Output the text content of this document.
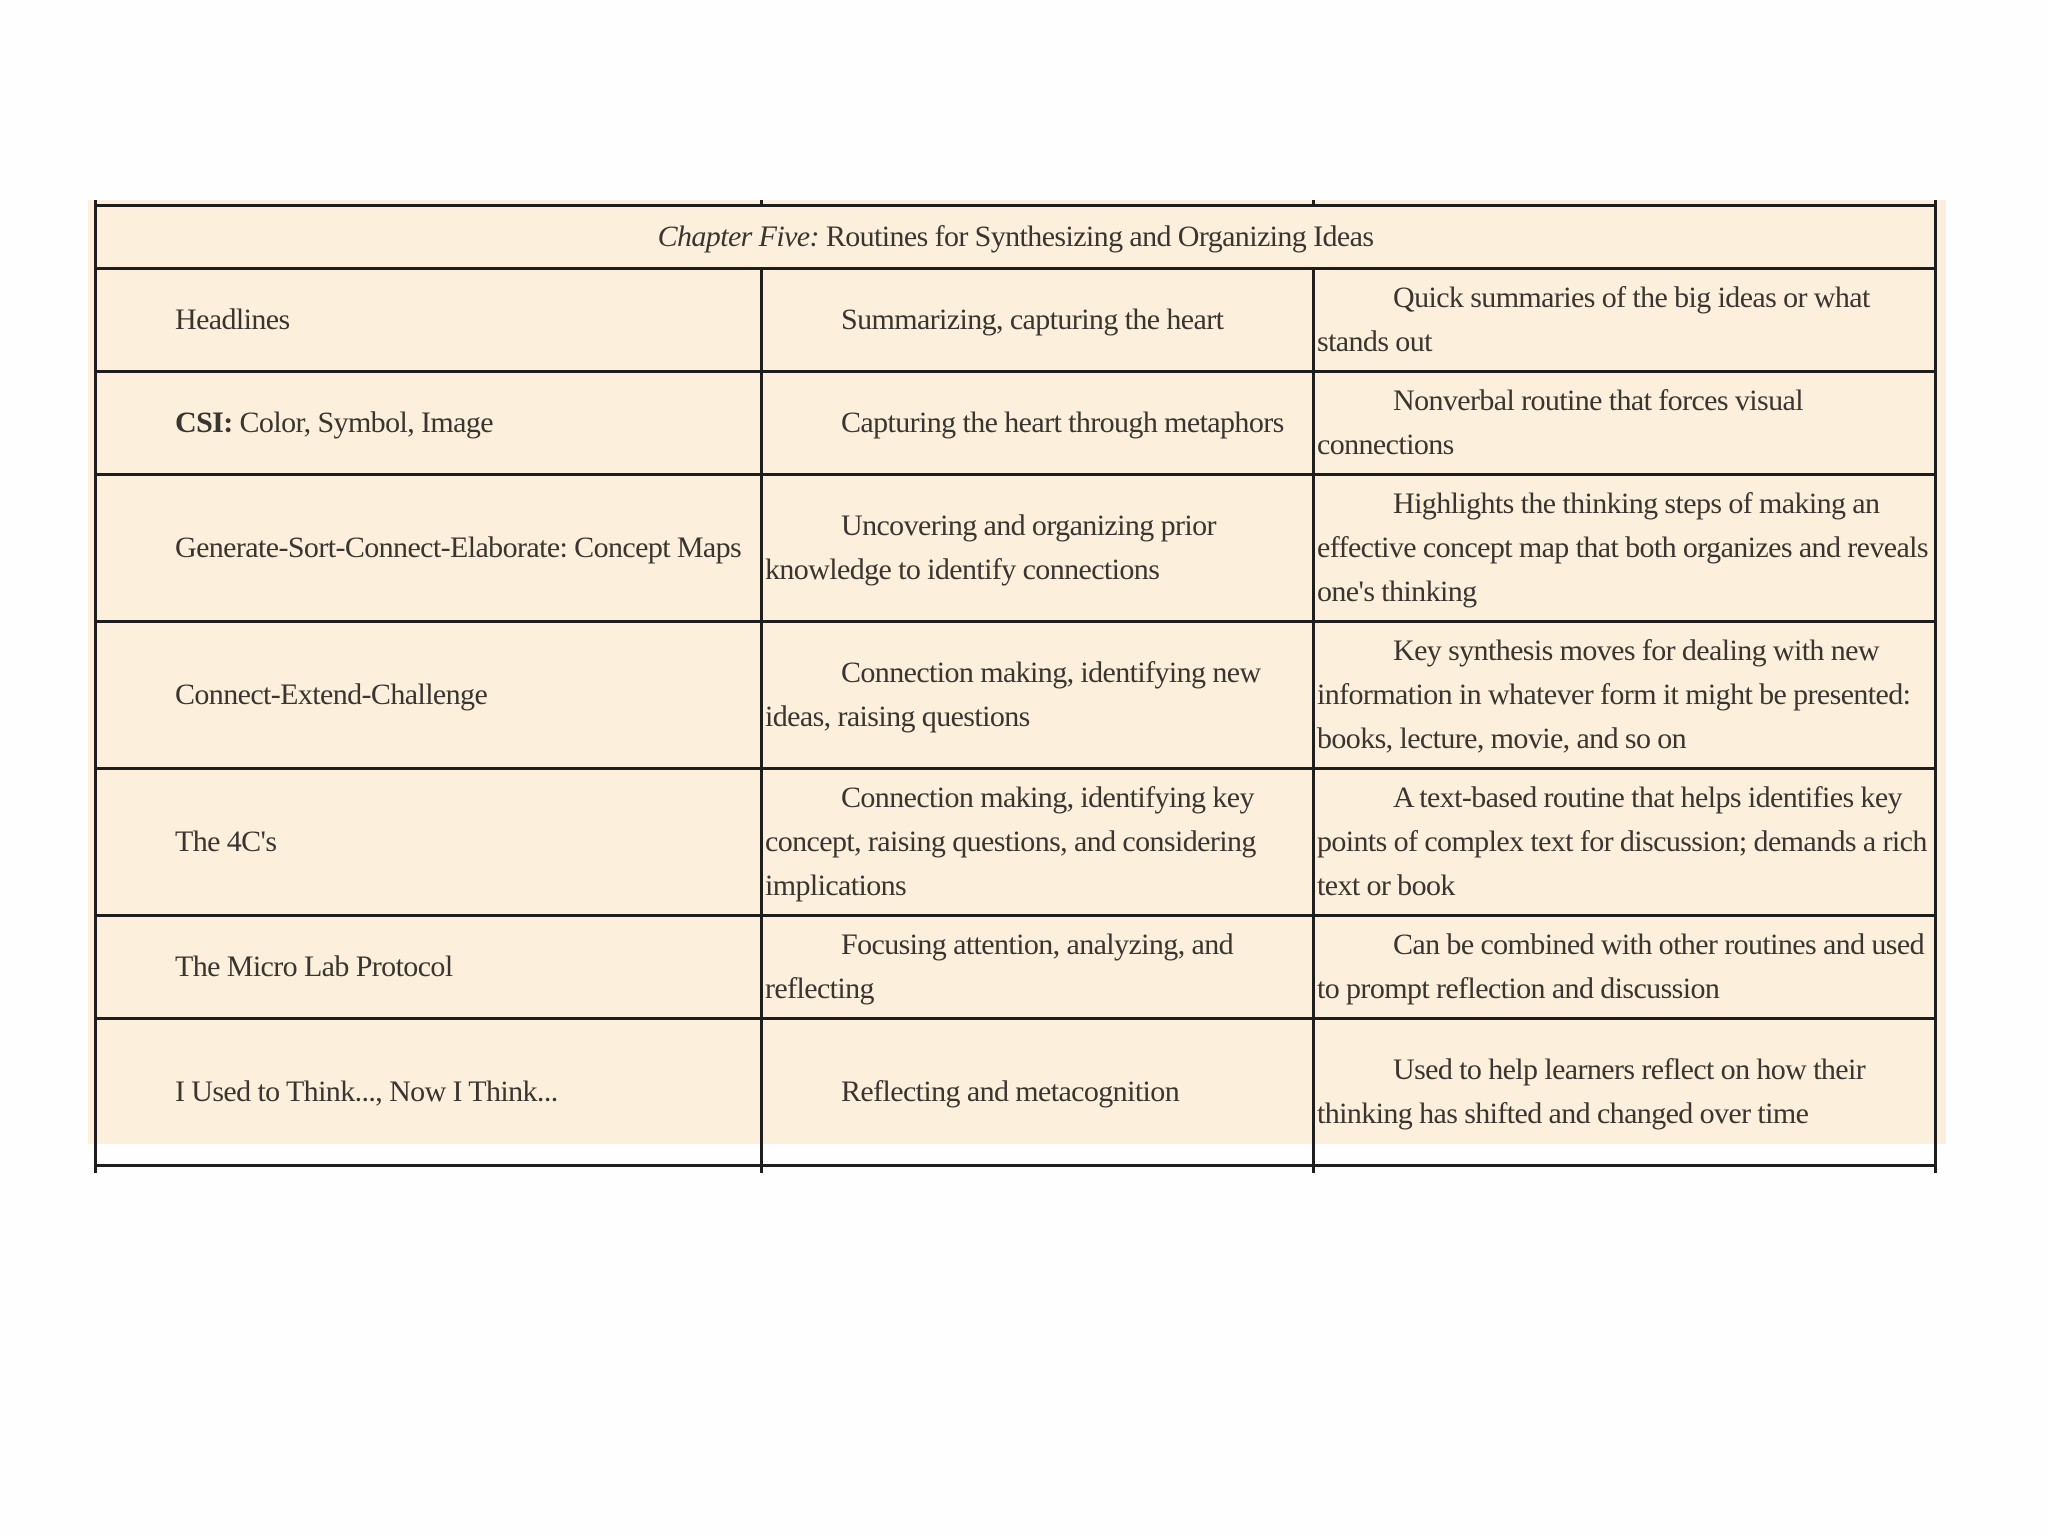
Chapter Five: Routines for Synthesizing and Organizing Ideas		
Headlines	Summarizing, capturing the heart	Quick summaries of the big ideas or what stands out
CSI: Color, Symbol, Image	Capturing the heart through metaphors	Nonverbal routine that forces visual connections
Generate-Sort-Connect-Elaborate: Concept Maps	Uncovering and organizing prior knowledge to identify connections	Highlights the thinking steps of making an effective concept map that both organizes and reveals one's thinking
Connect-Extend-Challenge	Connection making, identifying new ideas, raising questions	Key synthesis moves for dealing with new information in whatever form it might be presented: books, lecture, movie, and so on
The 4C's	Connection making, identifying key concept, raising questions, and considering implications	A text-based routine that helps identifies key points of complex text for discussion; demands a rich text or book
The Micro Lab Protocol	Focusing attention, analyzing, and reflecting	Can be combined with other routines and used to prompt reflection and discussion
I Used to Think..., Now I Think...	Reflecting and metacognition	Used to help learners reflect on how their thinking has shifted and changed over time
